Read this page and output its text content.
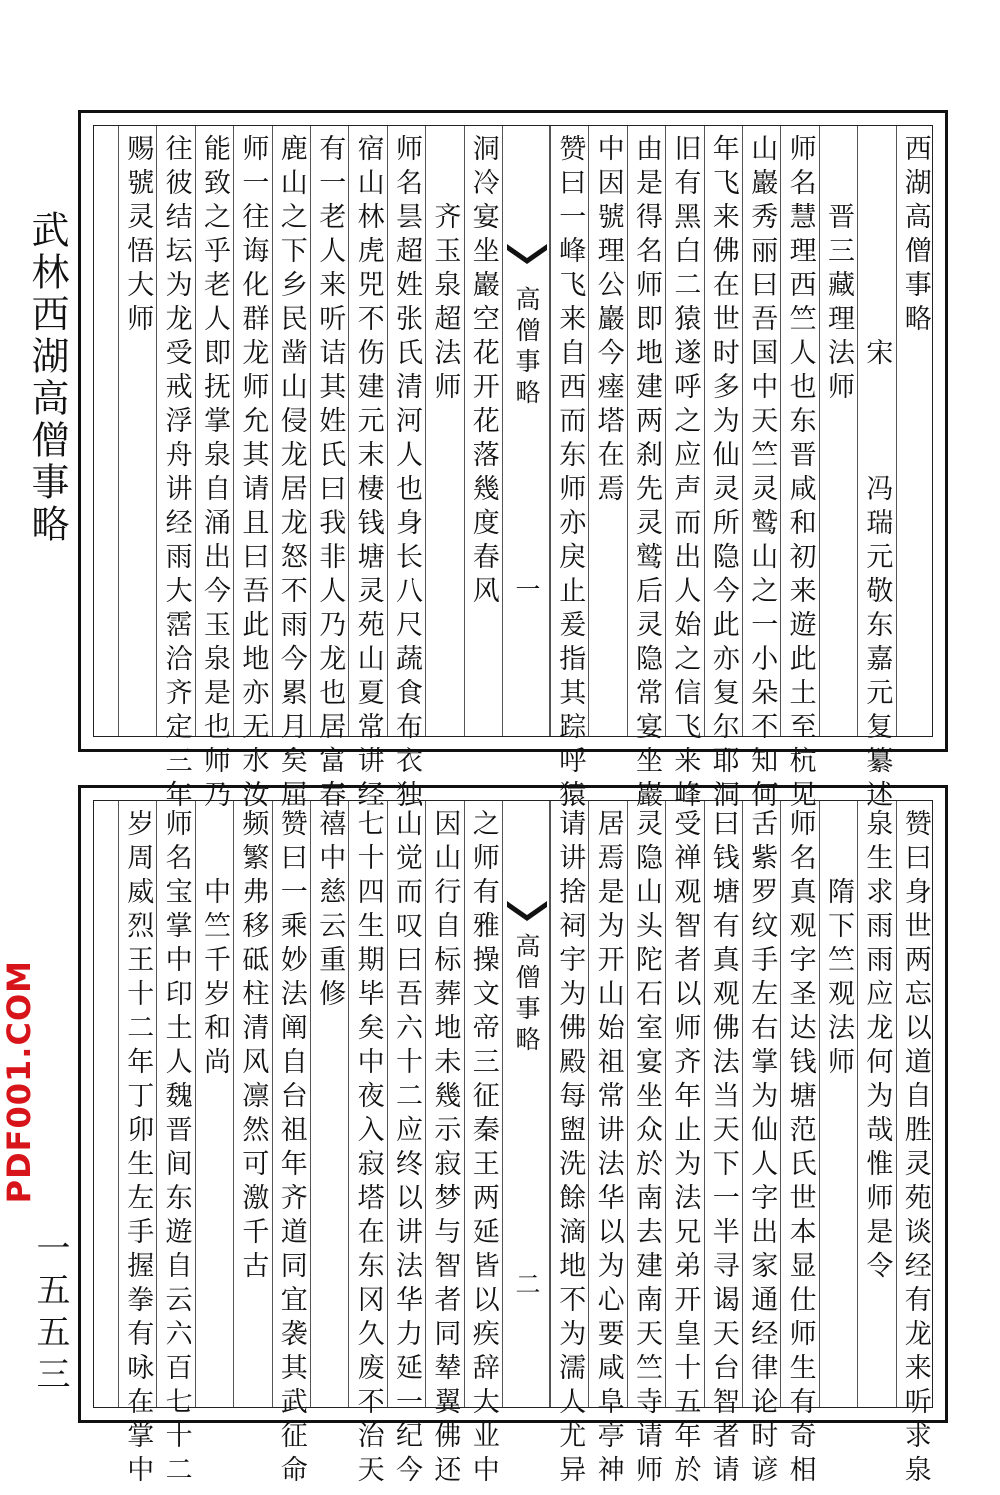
武林西湖高僧事略
PDF001.COM
一五五三
西湖高僧事略
　　　　　　宋　　　冯瑞元敬东嘉元复纂述
　　晋三藏理法师
师名慧理西竺人也东晋咸和初来遊此土至杭见
山巖秀丽曰吾国中天竺灵鹫山之一小朵不知何
年飞来佛在世时多为仙灵所隐今此亦复尔耶洞
旧有黑白二猿遂呼之应声而出人始之信飞来峰
由是得名师即地建两刹先灵鹫后灵隐常宴坐巖
中因號理公巖今瘗塔在焉
赞曰一峰飞来自西而东师亦戾止爰指其踪呼猿
高僧事略
一
洞冷宴坐巖空花开花落幾度春风
　　齐玉泉超法师
师名昙超姓张氏清河人也身长八尺蔬食布衣独
宿山林虎兕不伤建元末棲钱塘灵苑山夏常讲经
有一老人来听诘其姓氏曰我非人乃龙也居富春
鹿山之下乡民凿山侵龙居龙怒不雨今累月矣屈
师一往诲化群龙师允其请且曰吾此地亦无水汝
能致之乎老人即抚掌泉自涌出今玉泉是也师乃
往彼结坛为龙受戒浮舟讲经雨大霑洽齐定三年
赐號灵悟大师
赞曰身世两忘以道自胜灵苑谈经有龙来听求泉
泉生求雨雨应龙何为哉惟师是令
　　隋下竺观法师
师名真观字圣达钱塘范氏世本显仕师生有奇相
舌紫罗纹手左右掌为仙人字出家通经律论时谚
曰钱塘有真观佛法当天下一半寻谒天台智者请
受禅观智者以师齐年止为法兄弟开皇十五年於
灵隐山头陀石室宴坐众於南去建南天竺寺请师
居焉是为开山始祖常讲法华以为心要咸阜亭神
请讲捨祠宇为佛殿每盥洗餘滴地不为濡人尤异
高僧事略
二
之师有雅操文帝三征秦王两延皆以疾辞大业中
因山行自标葬地未幾示寂梦与智者同辇翼佛还
山觉而叹曰吾六十二应终以讲法华力延一纪今
七十四生期毕矣中夜入寂塔在东冈久废不治天
禧中慈云重修
赞曰一乘妙法阐自台祖年齐道同宜袭其武征命
频繁弗移砥柱清风凛然可激千古
　　中竺千岁和尚
师名宝掌中印土人魏晋间东遊自云六百七十二
岁周威烈王十二年丁卯生左手握拳有咏在掌中
